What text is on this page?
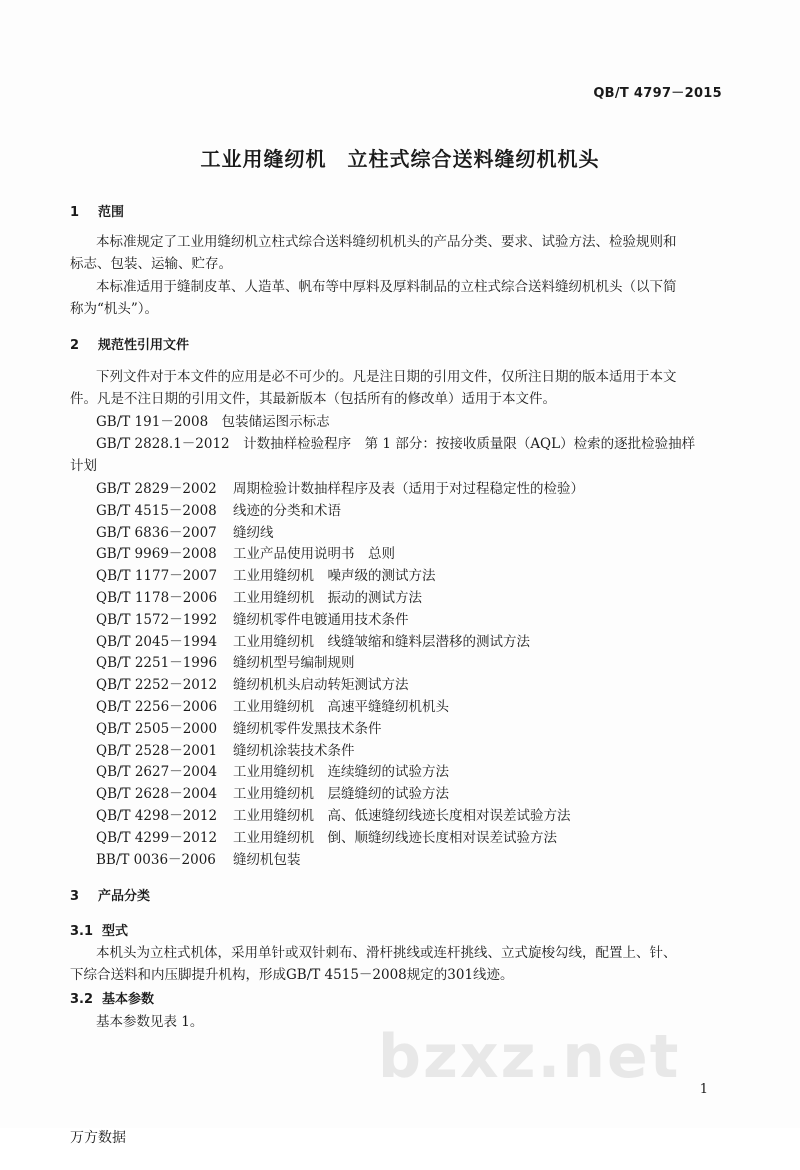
QB/T 4797－2015
工业用缝纫机　立柱式综合送料缝纫机机头
1 范围
本标准规定了工业用缝纫机立柱式综合送料缝纫机机头的产品分类、要求、试验方法、检验规则和
标志、包装、运输、贮存。
本标准适用于缝制皮革、人造革、帆布等中厚料及厚料制品的立柱式综合送料缝纫机机头（以下简
称为“机头”）。
2 规范性引用文件
下列文件对于本文件的应用是必不可少的。凡是注日期的引用文件，仅所注日期的版本适用于本文
件。凡是不注日期的引用文件，其最新版本（包括所有的修改单）适用于本文件。
GB/T 191－2008　包装储运图示标志
GB/T 2828.1－2012　计数抽样检验程序　第 1 部分：按接收质量限（AQL）检索的逐批检验抽样
计划
GB/T 2829－2002 周期检验计数抽样程序及表（适用于对过程稳定性的检验）
GB/T 4515－2008 线迹的分类和术语
GB/T 6836－2007 缝纫线
GB/T 9969－2008 工业产品使用说明书　总则
QB/T 1177－2007 工业用缝纫机　噪声级的测试方法
QB/T 1178－2006 工业用缝纫机　振动的测试方法
QB/T 1572－1992 缝纫机零件电镀通用技术条件
QB/T 2045－1994 工业用缝纫机　线缝皱缩和缝料层潜移的测试方法
QB/T 2251－1996 缝纫机型号编制规则
QB/T 2252－2012 缝纫机机头启动转矩测试方法
QB/T 2256－2006 工业用缝纫机　高速平缝缝纫机机头
QB/T 2505－2000 缝纫机零件发黑技术条件
QB/T 2528－2001 缝纫机涂装技术条件
QB/T 2627－2004 工业用缝纫机　连续缝纫的试验方法
QB/T 2628－2004 工业用缝纫机　层缝缝纫的试验方法
QB/T 4298－2012 工业用缝纫机　高、低速缝纫线迹长度相对误差试验方法
QB/T 4299－2012 工业用缝纫机　倒、顺缝纫线迹长度相对误差试验方法
BB/T 0036－2006 缝纫机包装
3 产品分类
3.1 型式
本机头为立柱式机体，采用单针或双针刺布、滑杆挑线或连杆挑线、立式旋梭勾线，配置上、针、
下综合送料和内压脚提升机构，形成GB/T 4515－2008规定的301线迹。
3.2 基本参数
基本参数见表 1。	bzxz.net 1
万方数据
